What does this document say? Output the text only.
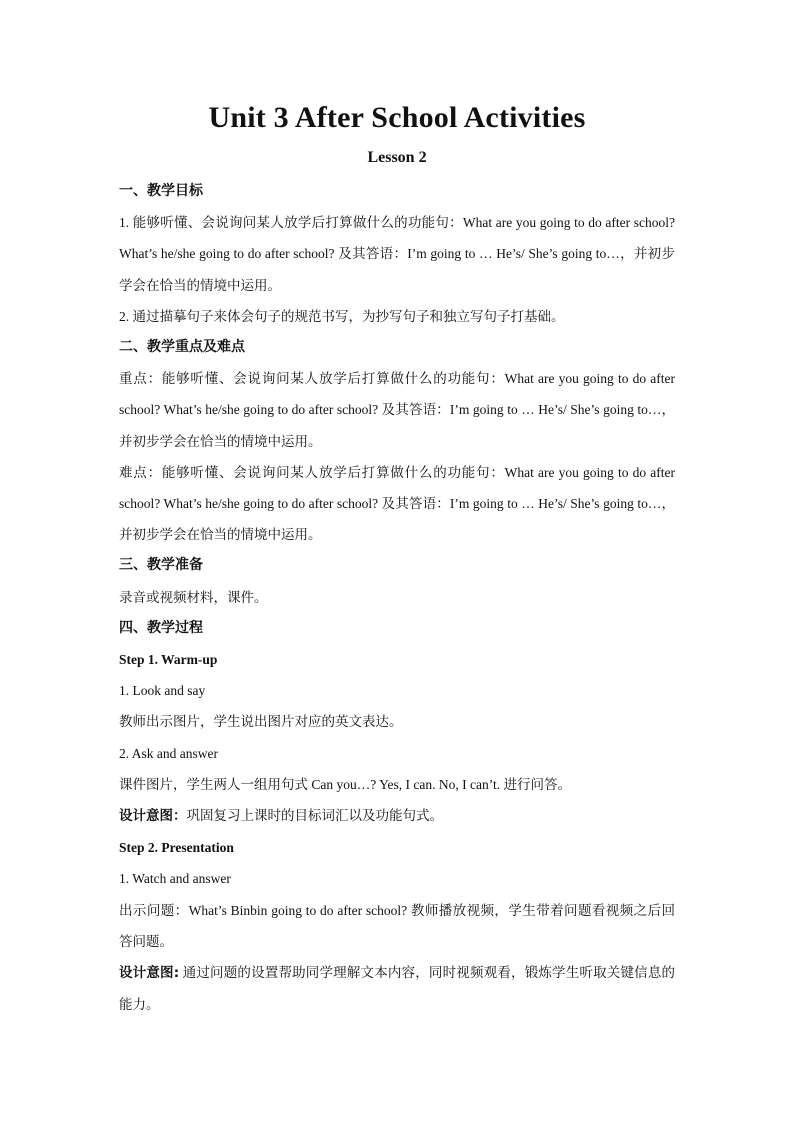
Unit 3 After School Activities
Lesson 2
一、教学目标

1. 能够听懂、会说询问某人放学后打算做什么的功能句：What are you going to do after school? What’s he/she going to do after school? 及其答语：I’m going to … He’s/ She’s going to…，并初步学会在恰当的情境中运用。

2. 通过描摹句子来体会句子的规范书写，为抄写句子和独立写句子打基础。

二、教学重点及难点

重点：能够听懂、会说询问某人放学后打算做什么的功能句：What are you going to do after school? What’s he/she going to do after school? 及其答语：I’m going to … He’s/ She’s going to…，并初步学会在恰当的情境中运用。

难点：能够听懂、会说询问某人放学后打算做什么的功能句：What are you going to do after school? What’s he/she going to do after school? 及其答语：I’m going to … He’s/ She’s going to…，并初步学会在恰当的情境中运用。

三、教学准备

录音或视频材料，课件。

四、教学过程
Step 1. Warm-up

1. Look and say

教师出示图片，学生说出图片对应的英文表达。

2. Ask and answer

课件图片，学生两人一组用句式 Can you…? Yes, I can. No, I can’t. 进行问答。

设计意图：巩固复习上课时的目标词汇以及功能句式。

Step 2. Presentation

1. Watch and answer

出示问题：What’s Binbin going to do after school? 教师播放视频，学生带着问题看视频之后回答问题。

设计意图: 通过问题的设置帮助同学理解文本内容，同时视频观看，锻炼学生听取关键信息的能力。
